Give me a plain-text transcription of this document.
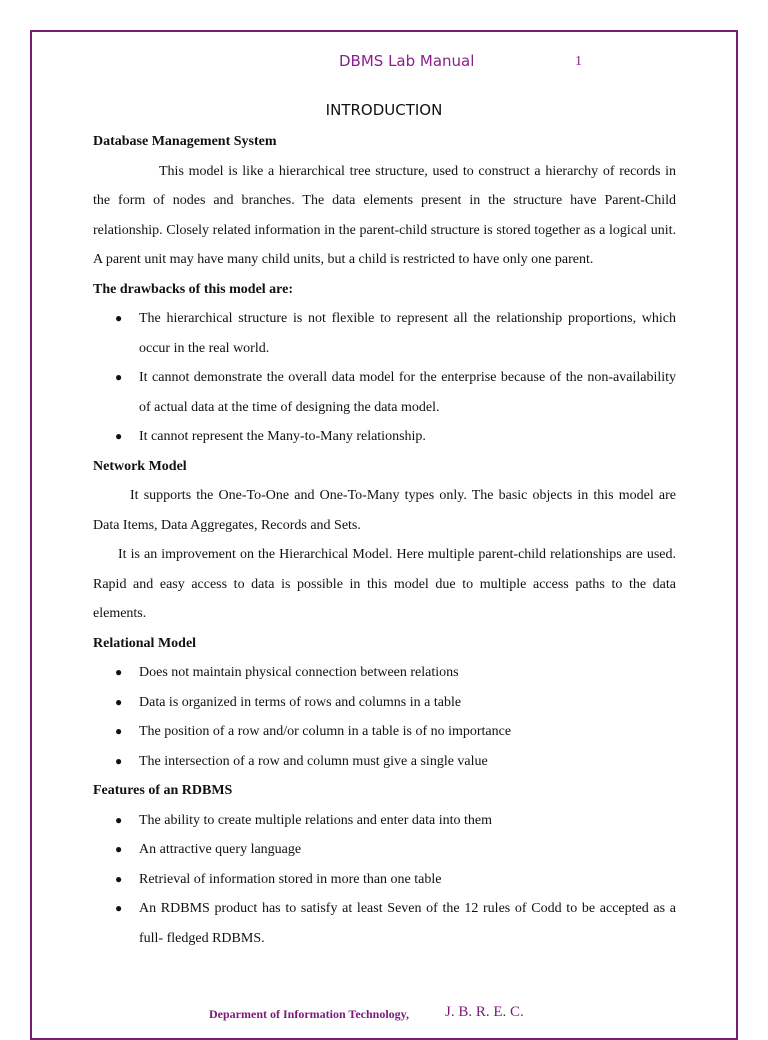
DBMS Lab Manual	1
INTRODUCTION

Database Management System

This model is like a hierarchical tree structure, used to construct a hierarchy of records in the form of nodes and branches. The data elements present in the structure have Parent-Child relationship. Closely related information in the parent-child structure is stored together as a logical unit. A parent unit may have many child units, but a child is restricted to have only one parent.

The drawbacks of this model are:

● The hierarchical structure is not flexible to represent all the relationship proportions, which occur in the real world.
● It cannot demonstrate the overall data model for the enterprise because of the non-availability of actual data at the time of designing the data model.
● It cannot represent the Many-to-Many relationship.

Network Model

It supports the One-To-One and One-To-Many types only. The basic objects in this model are Data Items, Data Aggregates, Records and Sets.

It is an improvement on the Hierarchical Model. Here multiple parent-child relationships are used. Rapid and easy access to data is possible in this model due to multiple access paths to the data elements.

Relational Model

● Does not maintain physical connection between relations
● Data is organized in terms of rows and columns in a table
● The position of a row and/or column in a table is of no importance
● The intersection of a row and column must give a single value

Features of an RDBMS

● The ability to create multiple relations and enter data into them
● An attractive query language
● Retrieval of information stored in more than one table
● An RDBMS product has to satisfy at least Seven of the 12 rules of Codd to be accepted as a full- fledged RDBMS.
Deparment of Information Technology, J. B. R. E. C.
